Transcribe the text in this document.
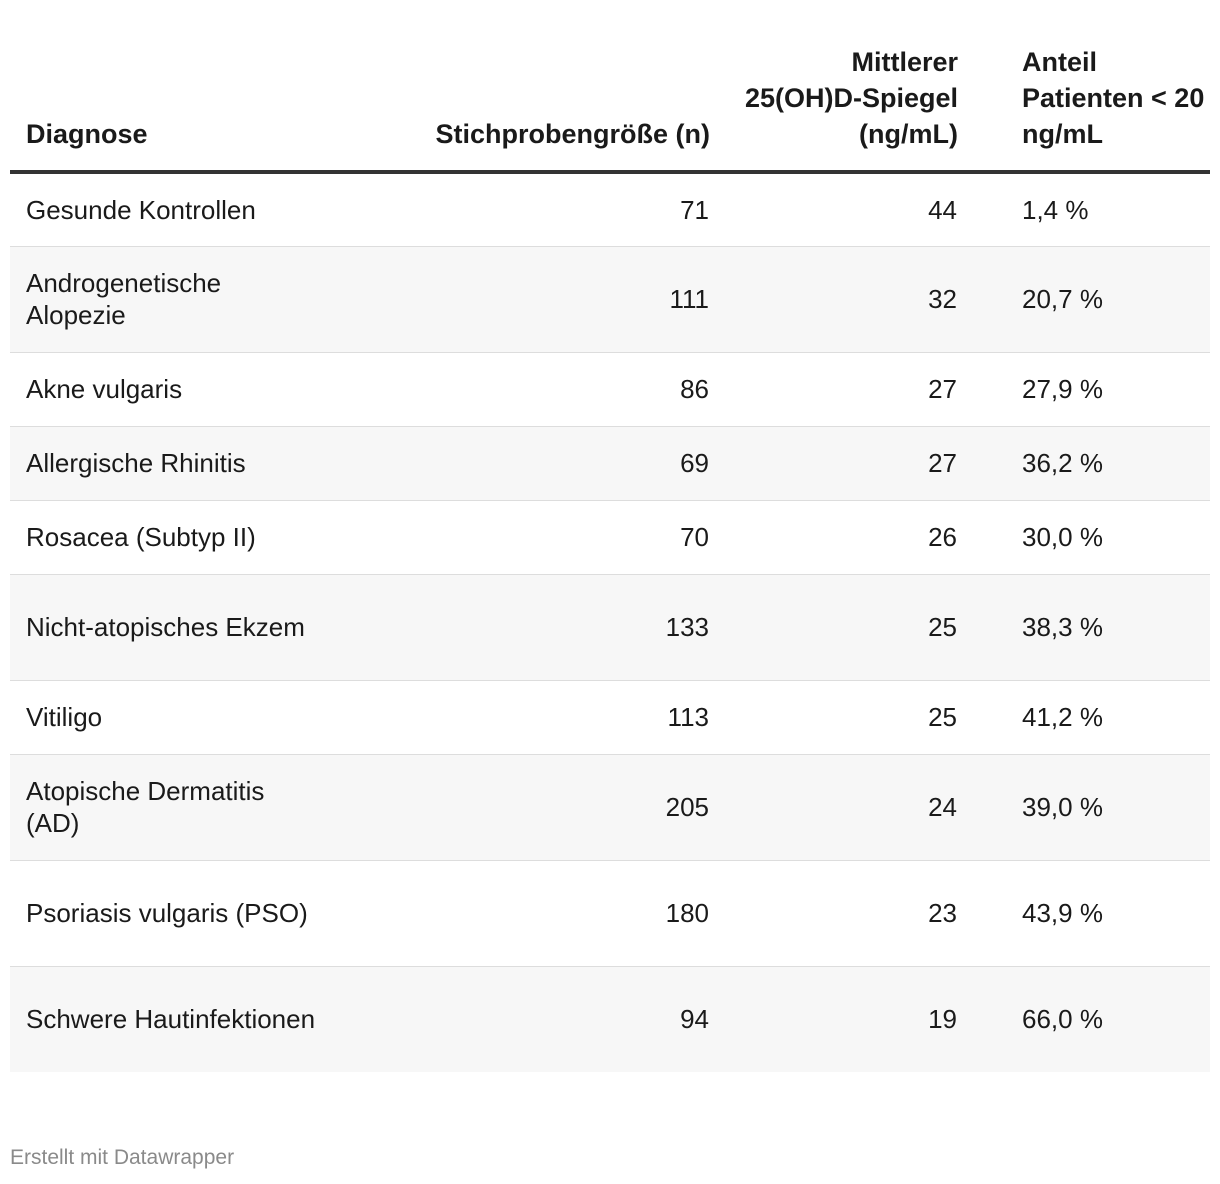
Diagnose	Stichprobengröße (n)	Mittlerer 25(OH)D-Spiegel (ng/mL)	Anteil Patienten < 20 ng/mL
Gesunde Kontrollen	71	44	1,4 %
Androgenetische Alopezie	111	32	20,7 %
Akne vulgaris	86	27	27,9 %
Allergische Rhinitis	69	27	36,2 %
Rosacea (Subtyp II)	70	26	30,0 %
Nicht-atopisches Ekzem	133	25	38,3 %
Vitiligo	113	25	41,2 %
Atopische Dermatitis (AD)	205	24	39,0 %
Psoriasis vulgaris (PSO)	180	23	43,9 %
Schwere Hautinfektionen	94	19	66,0 %
Erstellt mit Datawrapper
